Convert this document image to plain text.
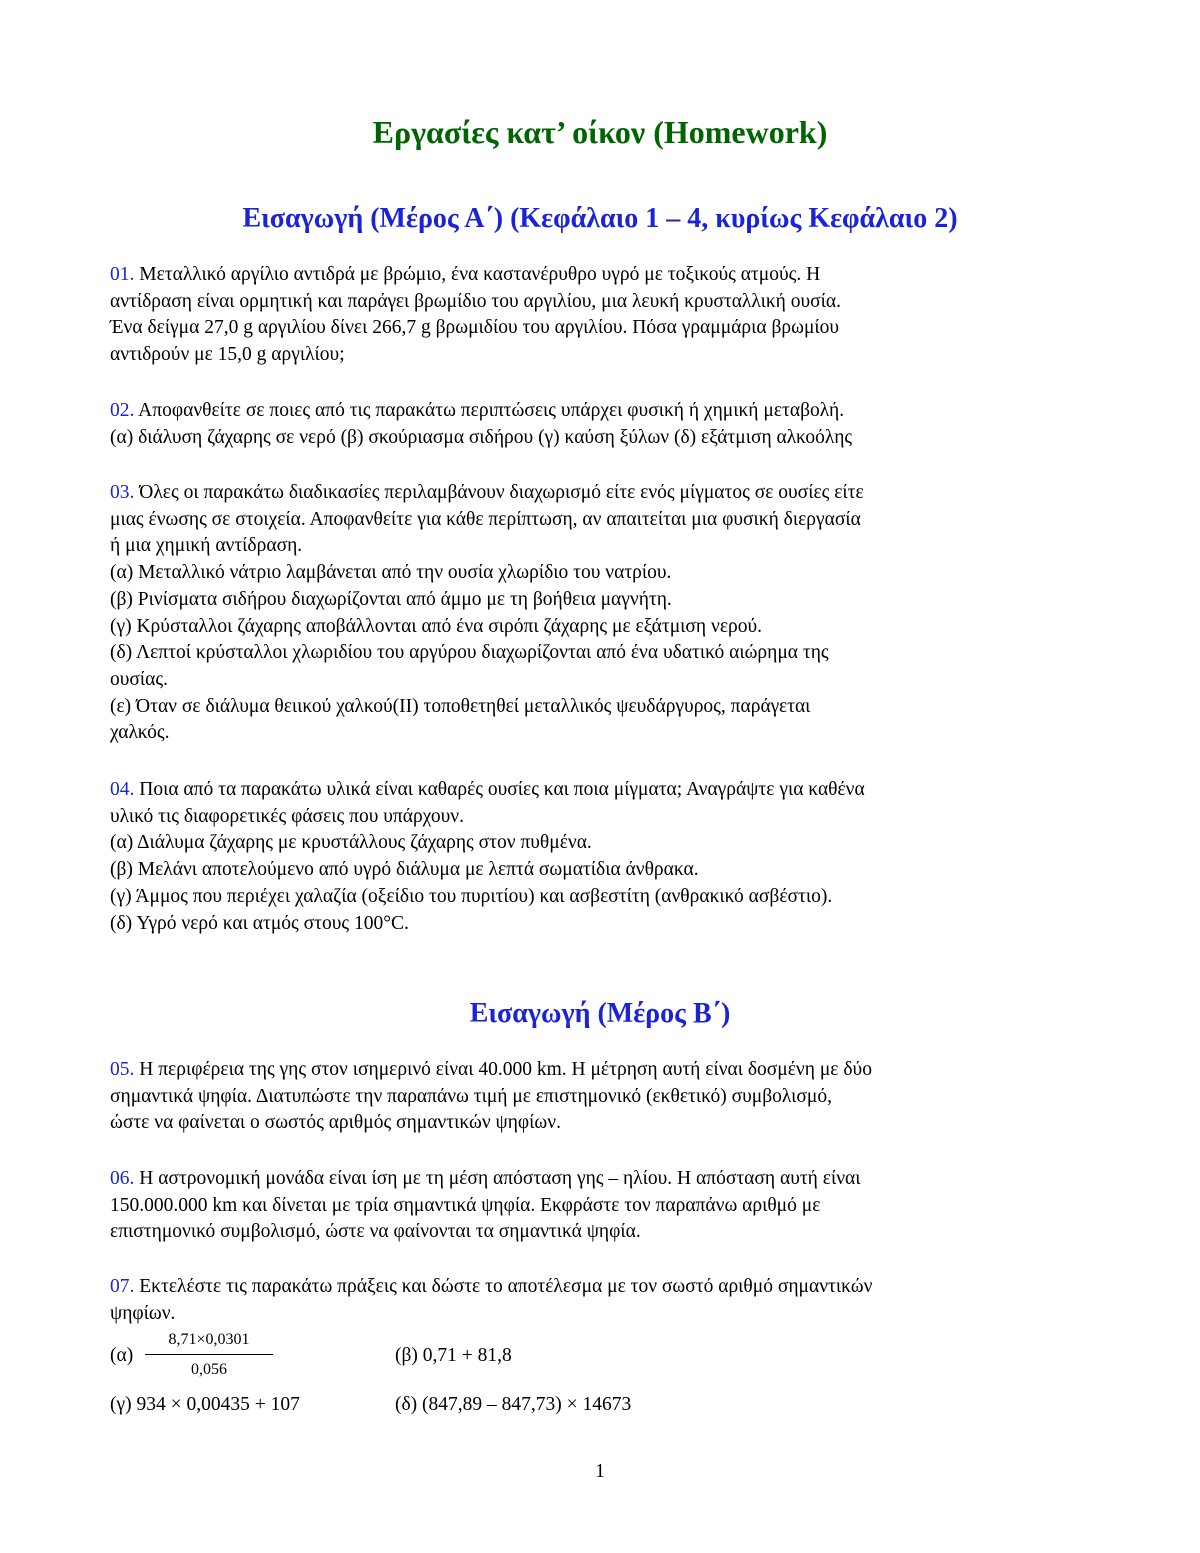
Εργασίες κατ’ οίκον (Homework)
Εισαγωγή (Μέρος Α΄) (Κεφάλαιο 1 – 4, κυρίως Κεφάλαιο 2)

01. Μεταλλικό αργίλιο αντιδρά με βρώμιο, ένα καστανέρυθρο υγρό με τοξικούς ατμούς. Η

αντίδραση είναι ορμητική και παράγει βρωμίδιο του αργιλίου, μια λευκή κρυσταλλική ουσία.

Ένα δείγμα 27,0 g αργιλίου δίνει 266,7 g βρωμιδίου του αργιλίου. Πόσα γραμμάρια βρωμίου

αντιδρούν με 15,0 g αργιλίου;

02. Αποφανθείτε σε ποιες από τις παρακάτω περιπτώσεις υπάρχει φυσική ή χημική μεταβολή.

(α) διάλυση ζάχαρης σε νερό (β) σκούριασμα σιδήρου (γ) καύση ξύλων (δ) εξάτμιση αλκοόλης

03. Όλες οι παρακάτω διαδικασίες περιλαμβάνουν διαχωρισμό είτε ενός μίγματος σε ουσίες είτε

μιας ένωσης σε στοιχεία. Αποφανθείτε για κάθε περίπτωση, αν απαιτείται μια φυσική διεργασία

ή μια χημική αντίδραση.

(α) Μεταλλικό νάτριο λαμβάνεται από την ουσία χλωρίδιο του νατρίου.

(β) Ρινίσματα σιδήρου διαχωρίζονται από άμμο με τη βοήθεια μαγνήτη.

(γ) Κρύσταλλοι ζάχαρης αποβάλλονται από ένα σιρόπι ζάχαρης με εξάτμιση νερού.

(δ) Λεπτοί κρύσταλλοι χλωριδίου του αργύρου διαχωρίζονται από ένα υδατικό αιώρημα της

ουσίας.

(ε) Όταν σε διάλυμα θειικού χαλκού(ΙΙ) τοποθετηθεί μεταλλικός ψευδάργυρος, παράγεται

χαλκός.

04. Ποια από τα παρακάτω υλικά είναι καθαρές ουσίες και ποια μίγματα; Αναγράψτε για καθένα

υλικό τις διαφορετικές φάσεις που υπάρχουν.

(α) Διάλυμα ζάχαρης με κρυστάλλους ζάχαρης στον πυθμένα.

(β) Μελάνι αποτελούμενο από υγρό διάλυμα με λεπτά σωματίδια άνθρακα.

(γ) Άμμος που περιέχει χαλαζία (οξείδιο του πυριτίου) και ασβεστίτη (ανθρακικό ασβέστιο).

(δ) Υγρό νερό και ατμός στους 100°C.

Εισαγωγή (Μέρος Β΄)

05. Η περιφέρεια της γης στον ισημερινό είναι 40.000 km. Η μέτρηση αυτή είναι δοσμένη με δύο

σημαντικά ψηφία. Διατυπώστε την παραπάνω τιμή με επιστημονικό (εκθετικό) συμβολισμό,

ώστε να φαίνεται ο σωστός αριθμός σημαντικών ψηφίων.

06. Η αστρονομική μονάδα είναι ίση με τη μέση απόσταση γης – ηλίου. Η απόσταση αυτή είναι

150.000.000 km και δίνεται με τρία σημαντικά ψηφία. Εκφράστε τον παραπάνω αριθμό με

επιστημονικό συμβολισμό, ώστε να φαίνονται τα σημαντικά ψηφία.

07. Εκτελέστε τις παρακάτω πράξεις και δώστε το αποτέλεσμα με τον σωστό αριθμό σημαντικών

ψηφίων.

(α)
8,71×0,0301
0,056
(β) 0,71 + 81,8
(γ) 934 × 0,00435 + 107	(δ) (847,89 – 847,73) × 14673
1
